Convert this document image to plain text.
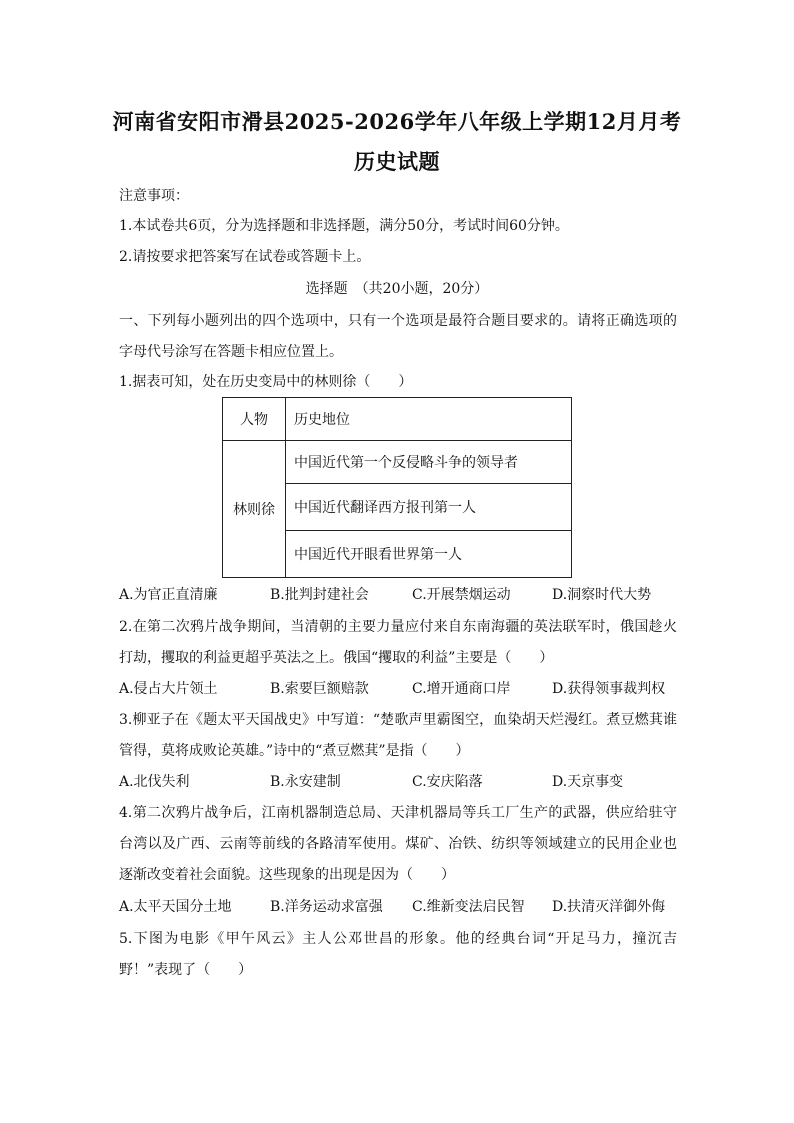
河南省安阳市滑县2025-2026学年八年级上学期12月月考
历史试题
注意事项：
1.本试卷共6页，分为选择题和非选择题，满分50分，考试时间60分钟。
2.请按要求把答案写在试卷或答题卡上。
选择题　（共20小题，20分）
一、下列每小题列出的四个选项中，只有一个选项是最符合题目要求的。请将正确选项的字母代号涂写在答题卡相应位置上。
1.据表可知，处在历史变局中的林则徐（　　）
人物	历史地位
林则徐	中国近代第一个反侵略斗争的领导者
	中国近代翻译西方报刊第一人
	中国近代开眼看世界第一人
A.为官正直清廉	B.批判封建社会	C.开展禁烟运动	D.洞察时代大势
2.在第二次鸦片战争期间，当清朝的主要力量应付来自东南海疆的英法联军时，俄国趁火打劫，攫取的利益更超乎英法之上。俄国“攫取的利益”主要是（　　）
A.侵占大片领土	B.索要巨额赔款	C.增开通商口岸	D.获得领事裁判权
3.柳亚子在《题太平天国战史》中写道：“楚歌声里霸图空，血染胡天烂漫红。煮豆燃萁谁管得，莫将成败论英雄。”诗中的“煮豆燃萁”是指（　　）
A.北伐失利	B.永安建制	C.安庆陷落	D.天京事变
4.第二次鸦片战争后，江南机器制造总局、天津机器局等兵工厂生产的武器，供应给驻守台湾以及广西、云南等前线的各路清军使用。煤矿、冶铁、纺织等领域建立的民用企业也逐渐改变着社会面貌。这些现象的出现是因为（　　）
A.太平天国分土地	B.洋务运动求富强 C.维新变法启民智 D.扶清灭洋御外侮
5.下图为电影《甲午风云》主人公邓世昌的形象。他的经典台词“开足马力，撞沉吉野！”表现了（　　）
